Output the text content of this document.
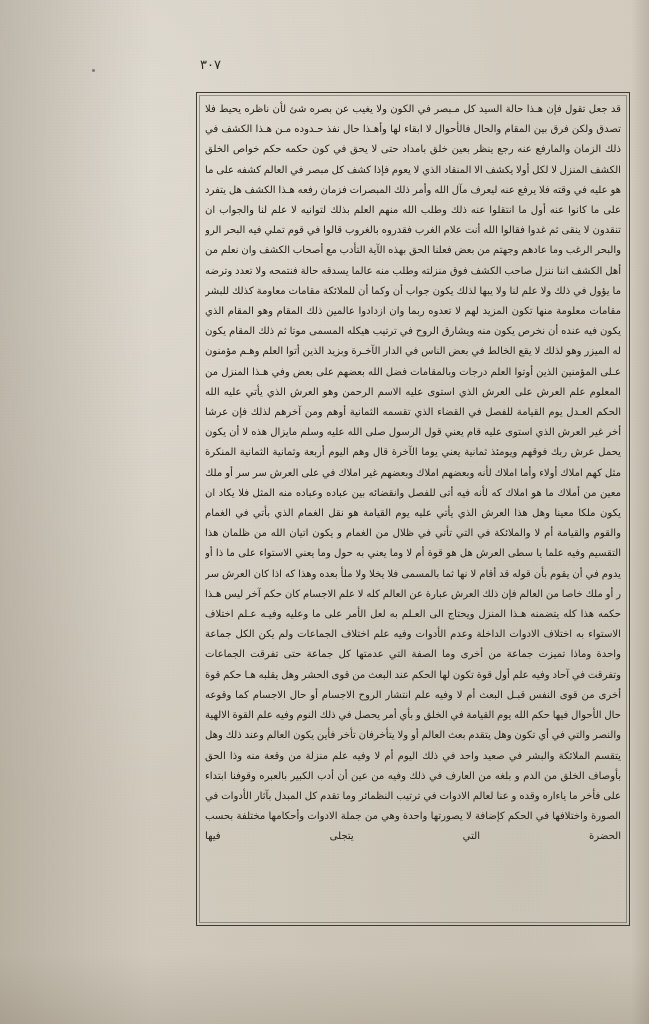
٣٠٧

قد جعل تقول فإن هـذا حالة السيد كل مـبصر في الكون ولا يغيب عن بصره شئ لأن ناظره يحيط فلا تصدق ولكن فرق بين المقام والحال فالأحوال لا ابقاء لها وأهـذا حال نفذ حـدوده مـن هـذا الكشف في ذلك الزمان والمارفع عنه رجع ينظر بعين خلق بامداد حتى لا يحق في كون حكمه حكم خواص الخلق الكشف المنزل لا لكل أولا يكشف الا المنقاد الذي لا يعوم فإذا كشف كل مبصر في العالم كشفه على ما هو عليه في وقته فلا يرفع عنه ليعرف مآل الله وأمر ذلك المبصرات فزمان رفعه هـذا الكشف هل يتفرد على ما كانوا عنه أول ما انتقلوا عنه ذلك وطلب الله منهم العلم بذلك لتوانيه لا علم لنا والجواب ان تنقدون لا ينقى ثم غدوا فقالوا الله أنت علام الغرب فقدروه بالغروب قالوا في قوم تملي فيه البحر الرو والبحر الرغب وما عادهم وجهتم من بعض فعلنا الحق بهذه الآية التأدب مع أصحاب الكشف وان نعلم من أهل الكشف اننا ننزل صاحب الكشف فوق منزلته وطلب منه عالما يسدقه حالة فنتمحه ولا تعدد وترضه ما يؤول في ذلك ولا علم لنا ولا يبها لذلك يكون جواب أن وكما أن للملائكة مقامات معاومة كذلك للبشر مقامات معلومة منها تكون المزيد لهم لا تعدوه ربما وان ازدادوا عالمين ذلك المقام وهو المقام الذي يكون فيه عنده أن نخرص يكون منه ويشارق الروح في ترتيب هيكله المسمى موتا ثم ذلك المقام يكون له الميزر وهو لذلك لا يقع الخالط في بعض الناس في الدار الآخـرة وبزيد الذين أتوا العلم وهـم مؤمنون عـلى المؤمنين الذين أوتوا العلم درجات وبالمقامات فضل الله بعضهم على بعض وفي هـذا المنزل من المعلوم علم العرش على العرش الذي استوى عليه الاسم الرحمن وهو العرش الذي يأتي عليه الله الحكم العـدل يوم القيامة للفصل في القضاء الذي تقسمه الثمانية أوهم ومن آخرهم لذلك فإن عرشا أخر غير العرش الذي استوى عليه قام يعني قول الرسول صلى الله عليه وسلم مايزال هذه لا أن يكون يحمل عرش ربك فوقهم ويومئذ ثمانية يعني يوما الآخرة قال وهم اليوم أربعة وثمانية الثمانية المنكرة مثل كهم املاك أولاء وأما املاك لأنه وبعضهم املاك وبعضهم غير املاك في على العرش سر سر أو ملك معين من أملاك ما هو املاك كه لأنه فيه أتى للفصل وانقضائه بين عباده وعباده منه المثل فلا يكاد ان يكون ملكا معينا وهل هذا العرش الذي يأتي عليه يوم القيامة هو نقل الغمام الذي بأتي في الغمام والقوم والقيامة أم لا والملائكة في التي تأتي في ظلال من الغمام و يكون اتيان الله من ظلمان هذا التقسيم وفيه علما يا سطى العرش هل هو قوة أم لا وما يعني به حول وما يعني الاستواء على ما ذا أو يدوم في أن يقوم بأن قوله قد أقام لا نها ثما بالمسمى فلا يخلا ولا ملأ بعده وهذا كه اذا كان العرش سر ر أو ملك خاصا من العالم فإن ذلك العرش عبارة عن العالم كله لا علم الاجسام كان حكم آخر ليس هـذا حكمه هذا كله يتضمنه هـذا المنزل ويحتاج الى العـلم به لعل الأمر على ما وعليه وفيـه عـلم اختلاف الاستواء به اختلاف الادوات الداخلة وعدم الأدوات وفيه علم اختلاف الجماعات ولم يكن الكل جماعة واحدة وماذا تميزت جماعة من أخرى وما الصفة التي عدمتها كل جماعة حتى تفرقت الجماعات وتفرقت في آحاد وفيه علم أول قوة تكون لها الحكم عند البعث من قوى الحشر وهل يقلبه هـا حكم قوة أخرى من قوى النفس قبـل البعث أم لا وفيه علم انتشار الروح الاجسام أو حال الاجسام كما وقوعه حال الأحوال فيها حكم الله يوم القيامة في الخلق و بأي أمر يحصل في ذلك النوم وفيه علم القوة الالهية والنصر والتي في أي تكون وهل يتقدم بعث العالم أو ولا يتأخرفان تأخر فأين يكون العالم وعند ذلك وهل يتقسم الملائكة والبشر في صعيد واحد في ذلك اليوم أم لا وفيه علم منزلة من وقعة منه وذا الحق بأوصاف الخلق من الدم و بلغه من العارف في ذلك وفيه من عين أن أدب الكبير بالعبره وقوفنا ابتداء على فأخر ما ياءاره وقده و عنا لعالم الادوات في ترتيب النظمائر وما تقدم كل المبدل بآثار الأدوات في الصورة واختلافها في الحكم كإضافة لا يصورتها واحدة وهي من جملة الادوات وأحكامها مختلفة بحسب الحضرة التي يتجلى فيها
